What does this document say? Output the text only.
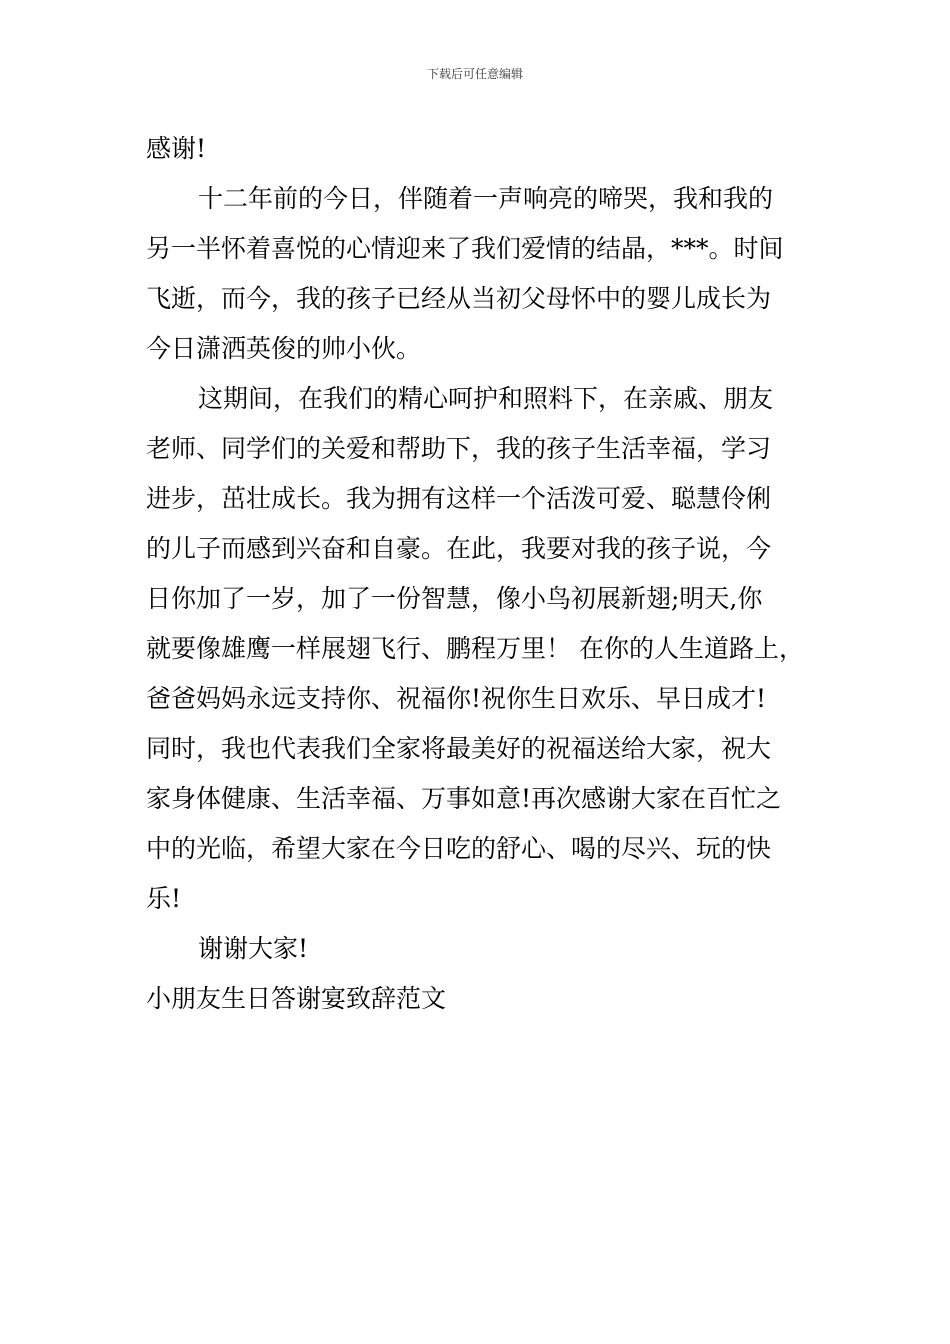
下载后可任意编辑
感谢!
十二年前的今日，伴随着一声响亮的啼哭，我和我的
另一半怀着喜悦的心情迎来了我们爱情的结晶，***。时间
飞逝，而今，我的孩子已经从当初父母怀中的婴儿成长为
今日潇洒英俊的帅小伙。
这期间，在我们的精心呵护和照料下，在亲戚、朋友
老师、同学们的关爱和帮助下，我的孩子生活幸福，学习
进步，茁壮成长。我为拥有这样一个活泼可爱、聪慧伶俐
的儿子而感到兴奋和自豪。在此，我要对我的孩子说，今
日你加了一岁，加了一份智慧，像小鸟初展新翅;明天,你
就要像雄鹰一样展翅飞行、鹏程万里！ 在你的人生道路上，
爸爸妈妈永远支持你、祝福你!祝你生日欢乐、早日成才!
同时，我也代表我们全家将最美好的祝福送给大家，祝大
家身体健康、生活幸福、万事如意!再次感谢大家在百忙之
中的光临，希望大家在今日吃的舒心、喝的尽兴、玩的快
乐!
谢谢大家!
小朋友生日答谢宴致辞范文
